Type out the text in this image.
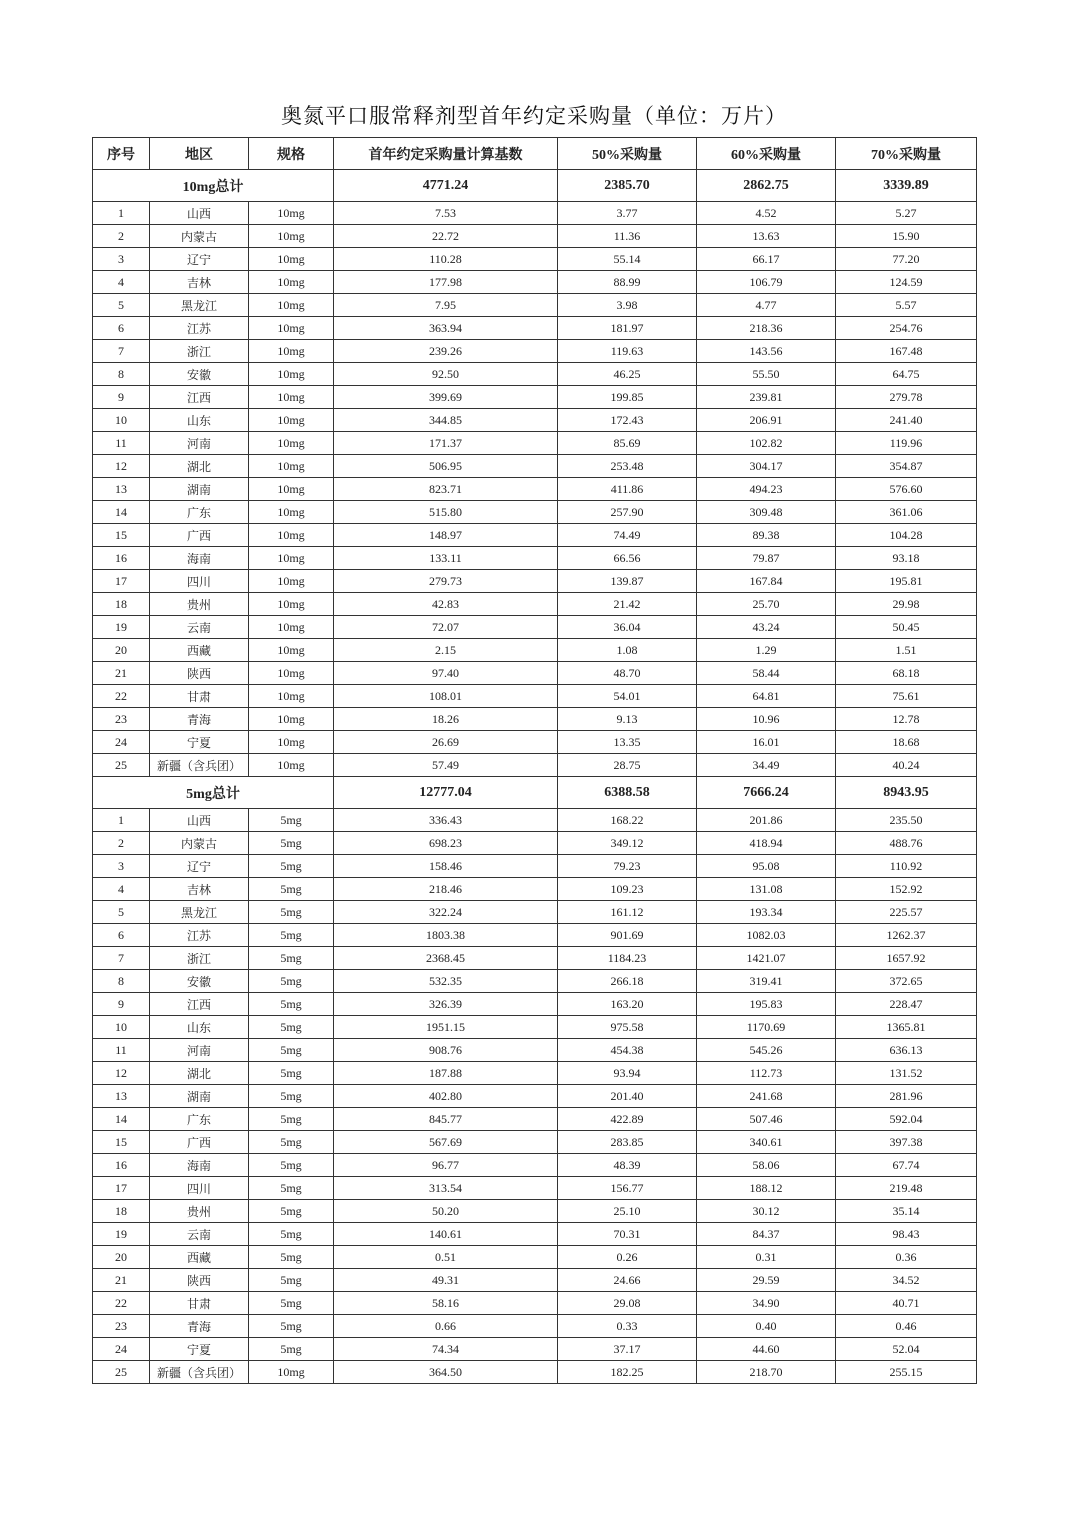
奥氮平口服常释剂型首年约定采购量（单位：万片）
序号	地区	规格	首年约定采购量计算基数	50%采购量	60%采购量	70%采购量
10mg总计			4771.24	2385.70	2862.75	3339.89
1	山西	10mg	7.53	3.77	4.52	5.27
2	内蒙古	10mg	22.72	11.36	13.63	15.90
3	辽宁	10mg	110.28	55.14	66.17	77.20
4	吉林	10mg	177.98	88.99	106.79	124.59
5	黑龙江	10mg	7.95	3.98	4.77	5.57
6	江苏	10mg	363.94	181.97	218.36	254.76
7	浙江	10mg	239.26	119.63	143.56	167.48
8	安徽	10mg	92.50	46.25	55.50	64.75
9	江西	10mg	399.69	199.85	239.81	279.78
10	山东	10mg	344.85	172.43	206.91	241.40
11	河南	10mg	171.37	85.69	102.82	119.96
12	湖北	10mg	506.95	253.48	304.17	354.87
13	湖南	10mg	823.71	411.86	494.23	576.60
14	广东	10mg	515.80	257.90	309.48	361.06
15	广西	10mg	148.97	74.49	89.38	104.28
16	海南	10mg	133.11	66.56	79.87	93.18
17	四川	10mg	279.73	139.87	167.84	195.81
18	贵州	10mg	42.83	21.42	25.70	29.98
19	云南	10mg	72.07	36.04	43.24	50.45
20	西藏	10mg	2.15	1.08	1.29	1.51
21	陕西	10mg	97.40	48.70	58.44	68.18
22	甘肃	10mg	108.01	54.01	64.81	75.61
23	青海	10mg	18.26	9.13	10.96	12.78
24	宁夏	10mg	26.69	13.35	16.01	18.68
25	新疆（含兵团）	10mg	57.49	28.75	34.49	40.24
5mg总计			12777.04	6388.58	7666.24	8943.95
1	山西	5mg	336.43	168.22	201.86	235.50
2	内蒙古	5mg	698.23	349.12	418.94	488.76
3	辽宁	5mg	158.46	79.23	95.08	110.92
4	吉林	5mg	218.46	109.23	131.08	152.92
5	黑龙江	5mg	322.24	161.12	193.34	225.57
6	江苏	5mg	1803.38	901.69	1082.03	1262.37
7	浙江	5mg	2368.45	1184.23	1421.07	1657.92
8	安徽	5mg	532.35	266.18	319.41	372.65
9	江西	5mg	326.39	163.20	195.83	228.47
10	山东	5mg	1951.15	975.58	1170.69	1365.81
11	河南	5mg	908.76	454.38	545.26	636.13
12	湖北	5mg	187.88	93.94	112.73	131.52
13	湖南	5mg	402.80	201.40	241.68	281.96
14	广东	5mg	845.77	422.89	507.46	592.04
15	广西	5mg	567.69	283.85	340.61	397.38
16	海南	5mg	96.77	48.39	58.06	67.74
17	四川	5mg	313.54	156.77	188.12	219.48
18	贵州	5mg	50.20	25.10	30.12	35.14
19	云南	5mg	140.61	70.31	84.37	98.43
20	西藏	5mg	0.51	0.26	0.31	0.36
21	陕西	5mg	49.31	24.66	29.59	34.52
22	甘肃	5mg	58.16	29.08	34.90	40.71
23	青海	5mg	0.66	0.33	0.40	0.46
24	宁夏	5mg	74.34	37.17	44.60	52.04
25	新疆（含兵团）	10mg	364.50	182.25	218.70	255.15
